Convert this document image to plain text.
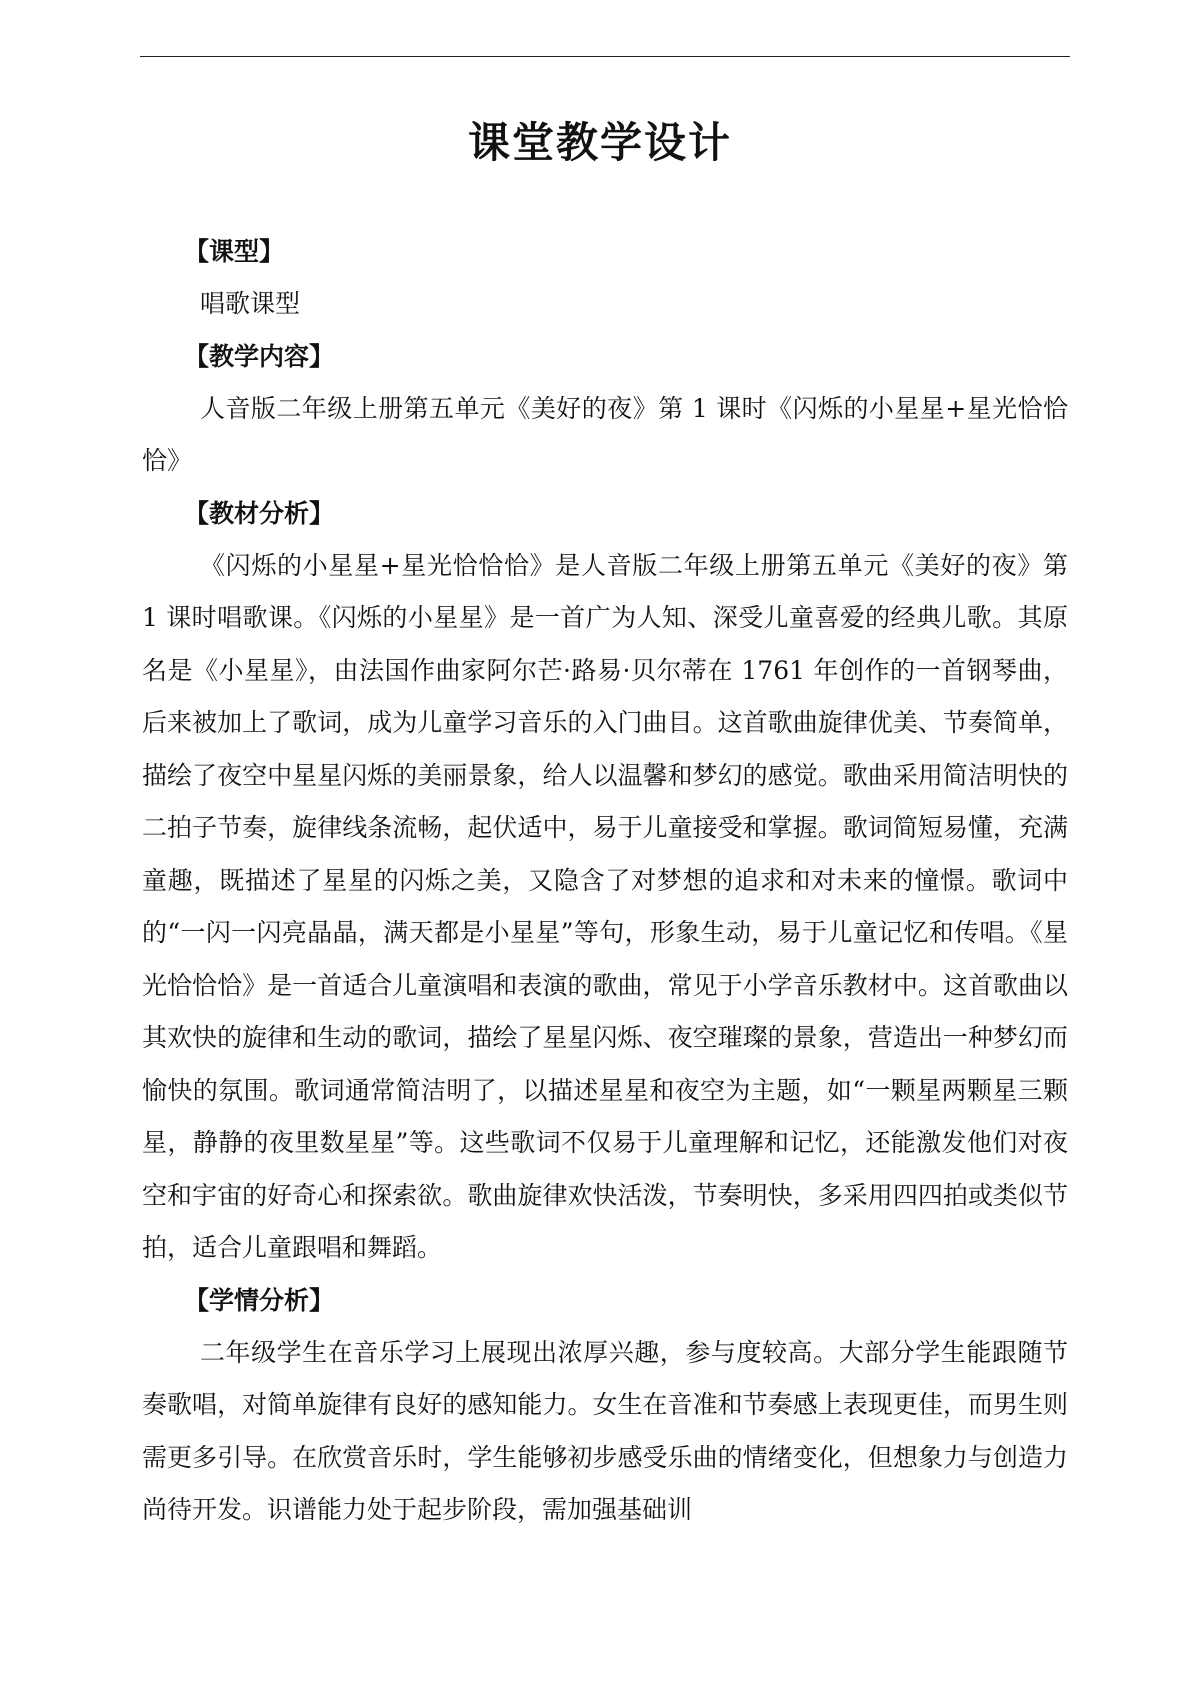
课堂教学设计
【课型】

唱歌课型

【教学内容】

人音版二年级上册第五单元《美好的夜》第 1 课时《闪烁的小星星+星光恰恰恰》

【教材分析】

《闪烁的小星星+星光恰恰恰》是人音版二年级上册第五单元《美好的夜》第 1 课时唱歌课。《闪烁的小星星》是一首广为人知、深受儿童喜爱的经典儿歌。其原名是《小星星》，由法国作曲家阿尔芒·路易·贝尔蒂在 1761 年创作的一首钢琴曲，后来被加上了歌词，成为儿童学习音乐的入门曲目。这首歌曲旋律优美、节奏简单，描绘了夜空中星星闪烁的美丽景象，给人以温馨和梦幻的感觉。歌曲采用简洁明快的二拍子节奏，旋律线条流畅，起伏适中，易于儿童接受和掌握。歌词简短易懂，充满童趣，既描述了星星的闪烁之美，又隐含了对梦想的追求和对未来的憧憬。歌词中的“一闪一闪亮晶晶，满天都是小星星”等句，形象生动，易于儿童记忆和传唱。《星光恰恰恰》是一首适合儿童演唱和表演的歌曲，常见于小学音乐教材中。这首歌曲以其欢快的旋律和生动的歌词，描绘了星星闪烁、夜空璀璨的景象，营造出一种梦幻而愉快的氛围。歌词通常简洁明了，以描述星星和夜空为主题，如“一颗星两颗星三颗星，静静的夜里数星星”等。这些歌词不仅易于儿童理解和记忆，还能激发他们对夜空和宇宙的好奇心和探索欲。歌曲旋律欢快活泼，节奏明快，多采用四四拍或类似节拍，适合儿童跟唱和舞蹈。

【学情分析】

二年级学生在音乐学习上展现出浓厚兴趣，参与度较高。大部分学生能跟随节奏歌唱，对简单旋律有良好的感知能力。女生在音准和节奏感上表现更佳，而男生则需更多引导。在欣赏音乐时，学生能够初步感受乐曲的情绪变化，但想象力与创造力尚待开发。识谱能力处于起步阶段，需加强基础训
